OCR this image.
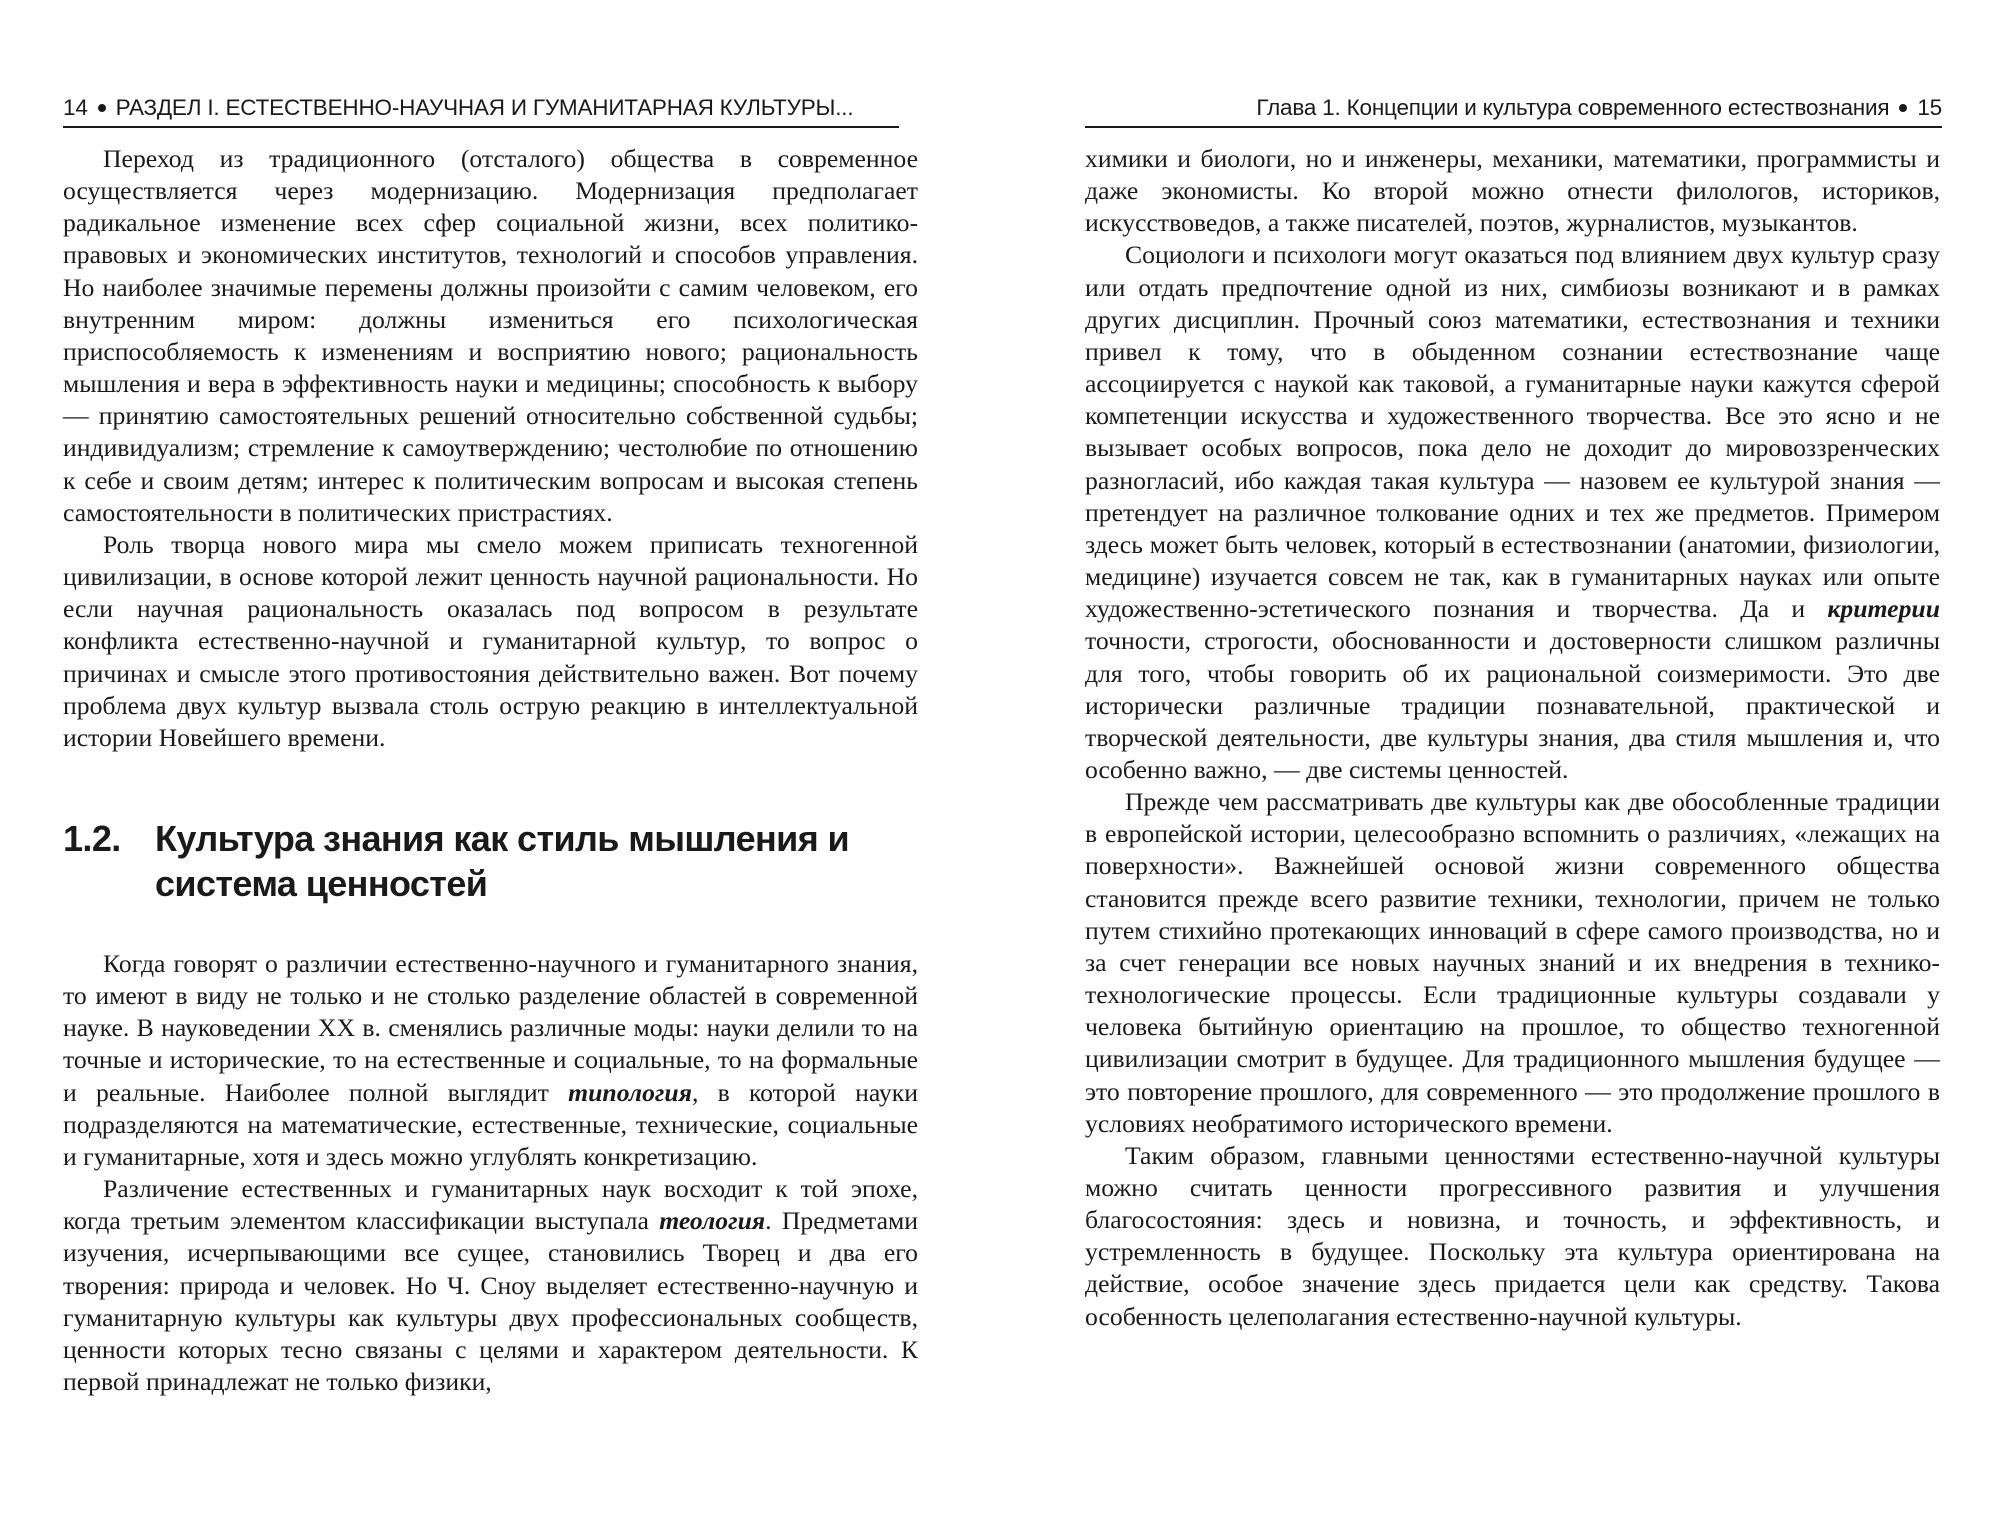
14 РАЗДЕЛ I. ЕСТЕСТВЕННО-НАУЧНАЯ И ГУМАНИТАРНАЯ КУЛЬТУРЫ...

Переход из традиционного (отсталого) общества в современное осуществляется через модернизацию. Модернизация предполагает радикальное изменение всех сфер социальной жизни, всех политикоправовых и экономических институтов, технологий и способов управления. Но наиболее значимые перемены должны произойти с самим человеком, его внутренним миром: должны измениться его психологическая приспособляемость к изменениям и восприятию нового; рациональность мышления и вера в эффективность науки и медицины; способность к выбору — принятию самостоятельных решений относительно собственной судьбы; индивидуализм; стремление к самоутверждению; честолюбие по отношению к себе и своим детям; интерес к политическим вопросам и высокая степень самостоятельности в политических пристрастиях.

Роль творца нового мира мы смело можем приписать техногенной цивилизации, в основе которой лежит ценность научной рациональности. Но если научная рациональность оказалась под вопросом в результате конфликта естественно-научной и гуманитарной культур, то вопрос о причинах и смысле этого противостояния действительно важен. Вот почему проблема двух культур вызвала столь острую реакцию в интеллектуальной истории Новейшего времени.

1.2. Культура знания как стиль мышления и система ценностей

Когда говорят о различии естественно-научного и гуманитарного знания, то имеют в виду не только и не столько разделение областей в современной науке. В науковедении XX в. сменялись различные моды: науки делили то на точные и исторические, то на естественные и социальные, то на формальные и реальные. Наиболее полной выглядит типология, в которой науки подразделяются на математические, естественные, технические, социальные и гуманитарные, хотя и здесь можно углублять конкретизацию.

Различение естественных и гуманитарных наук восходит к той эпохе, когда третьим элементом классификации выступала теология. Предметами изучения, исчерпывающими все сущее, становились Творец и два его творения: природа и человек. Но Ч. Сноу выделяет естественно-научную и гуманитарную культуры как культуры двух профессиональных сообществ, ценности которых тесно связаны с целями и характером деятельности. К первой принадлежат не только физики,

Глава 1. Концепции и культура современного естествознания 15

химики и биологи, но и инженеры, механики, математики, программисты и даже экономисты. Ко второй можно отнести филологов, историков, искусствоведов, а также писателей, поэтов, журналистов, музыкантов.

Социологи и психологи могут оказаться под влиянием двух культур сразу или отдать предпочтение одной из них, симбиозы возникают и в рамках других дисциплин. Прочный союз математики, естествознания и техники привел к тому, что в обыденном сознании естествознание чаще ассоциируется с наукой как таковой, а гуманитарные науки кажутся сферой компетенции искусства и художественного творчества. Все это ясно и не вызывает особых вопросов, пока дело не доходит до мировоззренческих разногласий, ибо каждая такая культура — назовем ее культурой знания — претендует на различное толкование одних и тех же предметов. Примером здесь может быть человек, который в естествознании (анатомии, физиологии, медицине) изучается совсем не так, как в гуманитарных науках или опыте художественно-эстетического познания и творчества. Да и критерии точности, строгости, обоснованности и достоверности слишком различны для того, чтобы говорить об их рациональной соизмеримости. Это две исторически различные традиции познавательной, практической и творческой деятельности, две культуры знания, два стиля мышления и, что особенно важно, — две системы ценностей.

Прежде чем рассматривать две культуры как две обособленные традиции в европейской истории, целесообразно вспомнить о различиях, «лежащих на поверхности». Важнейшей основой жизни современного общества становится прежде всего развитие техники, технологии, причем не только путем стихийно протекающих инноваций в сфере самого производства, но и за счет генерации все новых научных знаний и их внедрения в технико-технологические процессы. Если традиционные культуры создавали у человека бытийную ориентацию на прошлое, то общество техногенной цивилизации смотрит в будущее. Для традиционного мышления будущее — это повторение прошлого, для современного — это продолжение прошлого в условиях необратимого исторического времени.

Таким образом, главными ценностями естественно-научной культуры можно считать ценности прогрессивного развития и улучшения благосостояния: здесь и новизна, и точность, и эффективность, и устремленность в будущее. Поскольку эта культура ориентирована на действие, особое значение здесь придается цели как средству. Такова особенность целеполагания естественно-научной культуры.
